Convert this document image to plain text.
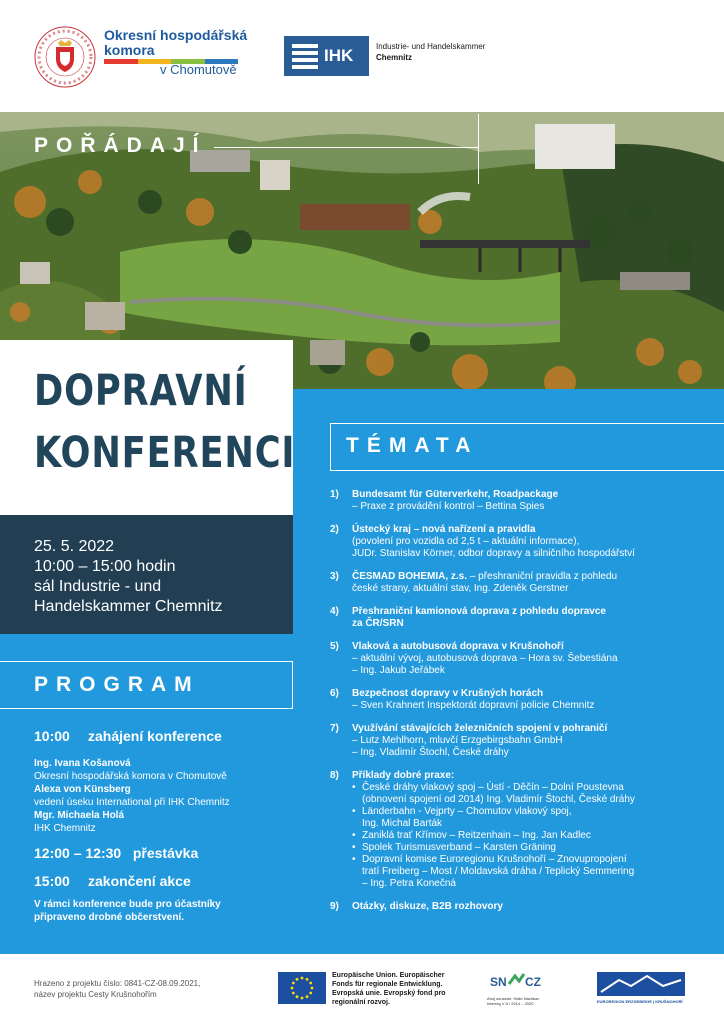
Okresní hospodářská
komora
v Chomutově
IHK	Industrie- und Handelskammer
Chemnitz
POŘÁDAJÍ
DOPRAVNÍ
KONFERENCI
25. 5. 2022
10:00 – 15:00 hodin
sál Industrie - und
Handelskammer Chemnitz
PROGRAM
10:00 zahájení konference
Ing. Ivana Košanová
Okresní hospodářská komora v Chomutově
Alexa von Künsberg
vedení úseku International při IHK Chemnitz
Mgr. Michaela Holá
IHK Chemnitz
12:00 – 12:30 přestávka
15:00 zakončení akce
V rámci konference bude pro účastníky
připraveno drobné občerstvení.
TÉMATA
1)	Bundesamt für Güterverkehr, Roadpackage
– Praxe z provádění kontrol – Bettina Spies
2)	Ústecký kraj – nová nařízení a pravidla
(povolení pro vozidla od 2,5 t – aktuální informace),
JUDr. Stanislav Körner, odbor dopravy a silničního hospodářství
3)	ČESMAD BOHEMIA, z.s. – přeshraniční pravidla z pohledu
české strany, aktuální stav, Ing. Zdeněk Gerstner
4)	Přeshraniční kamionová doprava z pohledu dopravce
za ČR/SRN
5)	Vlaková a autobusová doprava v Krušnohoří
– aktuální vývoj, autobusová doprava – Hora sv. Šebestiána
– Ing. Jakub Jeřábek
6)	Bezpečnost dopravy v Krušných horách
– Sven Krahnert Inspektorát dopravní policie Chemnitz
7)	Využívání stávajících železničních spojení v pohraničí
– Lutz Mehlhorn, mluvčí Erzgebirgsbahn GmbH
– Ing. Vladimír Štochl, České dráhy
8)	Příklady dobré praxe:
• České dráhy vlakový spoj – Ústí - Děčín – Dolní Poustevna
(obnovení spojení od 2014) Ing. Vladimír Štochl, České dráhy
• Länderbahn - Vejprty – Chomutov vlakový spoj,
Ing. Michal Barták
• Zaniklá trať Křímov – Reitzenhain – Ing. Jan Kadlec
• Spolek Turismusverband – Karsten Gräning
• Dopravní komise Euroregionu Krušnohoří – Znovupropojení
tratí Freiberg – Most / Moldavská dráha / Teplický Semmering
– Ing. Petra Konečná
9)	Otázky, diskuze, B2B rozhovory
Hrazeno z projektu číslo: 0841-CZ-08.09.2021,
název projektu Cesty Krušnohořím
Europäische Union. Europäischer
Fonds für regionale Entwicklung.
Evropská unie. Evropský fond pro
regionální rozvoj.
SN CZ
Ahoj sousede. Hallo Nachbar.
Interreg V A / 2014 – 2020	EUROREGION ERZGEBIRGE | KRUŠNOHOŘÍ
